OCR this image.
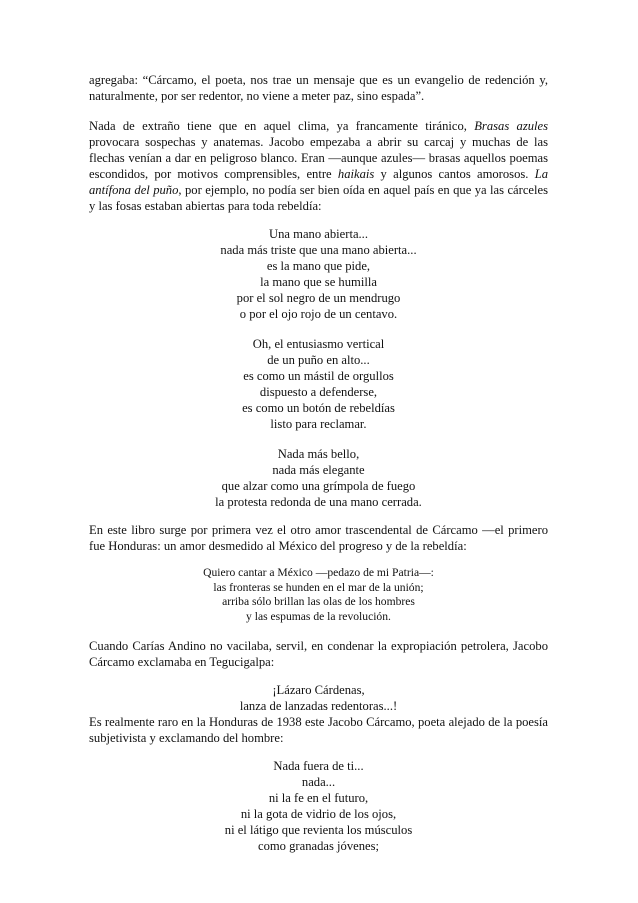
agregaba: “Cárcamo, el poeta, nos trae un mensaje que es un evangelio de redención y, naturalmente, por ser redentor, no viene a meter paz, sino espada”.

Nada de extraño tiene que en aquel clima, ya francamente tiránico, Brasas azules provocara sospechas y anatemas. Jacobo empezaba a abrir su carcaj y muchas de las flechas venían a dar en peligroso blanco. Eran —aunque azules— brasas aquellos poemas escondidos, por motivos comprensibles, entre haikais y algunos cantos amorosos. La antífona del puño, por ejemplo, no podía ser bien oída en aquel país en que ya las cárceles y las fosas estaban abiertas para toda rebeldía:

Una mano abierta...
nada más triste que una mano abierta...
es la mano que pide,
la mano que se humilla
por el sol negro de un mendrugo
o por el ojo rojo de un centavo.
Oh, el entusiasmo vertical
de un puño en alto...
es como un mástil de orgullos
dispuesto a defenderse,
es como un botón de rebeldías
listo para reclamar.
Nada más bello,
nada más elegante
que alzar como una grímpola de fuego
la protesta redonda de una mano cerrada.

En este libro surge por primera vez el otro amor trascendental de Cárcamo —el primero fue Honduras: un amor desmedido al México del progreso y de la rebeldía:

Quiero cantar a México —pedazo de mi Patria—:
las fronteras se hunden en el mar de la unión;
arriba sólo brillan las olas de los hombres
y las espumas de la revolución.

Cuando Carías Andino no vacilaba, servil, en condenar la expropiación petrolera, Jacobo Cárcamo exclamaba en Tegucigalpa:

¡Lázaro Cárdenas,
lanza de lanzadas redentoras...!

Es realmente raro en la Honduras de 1938 este Jacobo Cárcamo, poeta alejado de la poesía subjetivista y exclamando del hombre:

Nada fuera de ti...
nada...
ni la fe en el futuro,
ni la gota de vidrio de los ojos,
ni el látigo que revienta los músculos
como granadas jóvenes;
